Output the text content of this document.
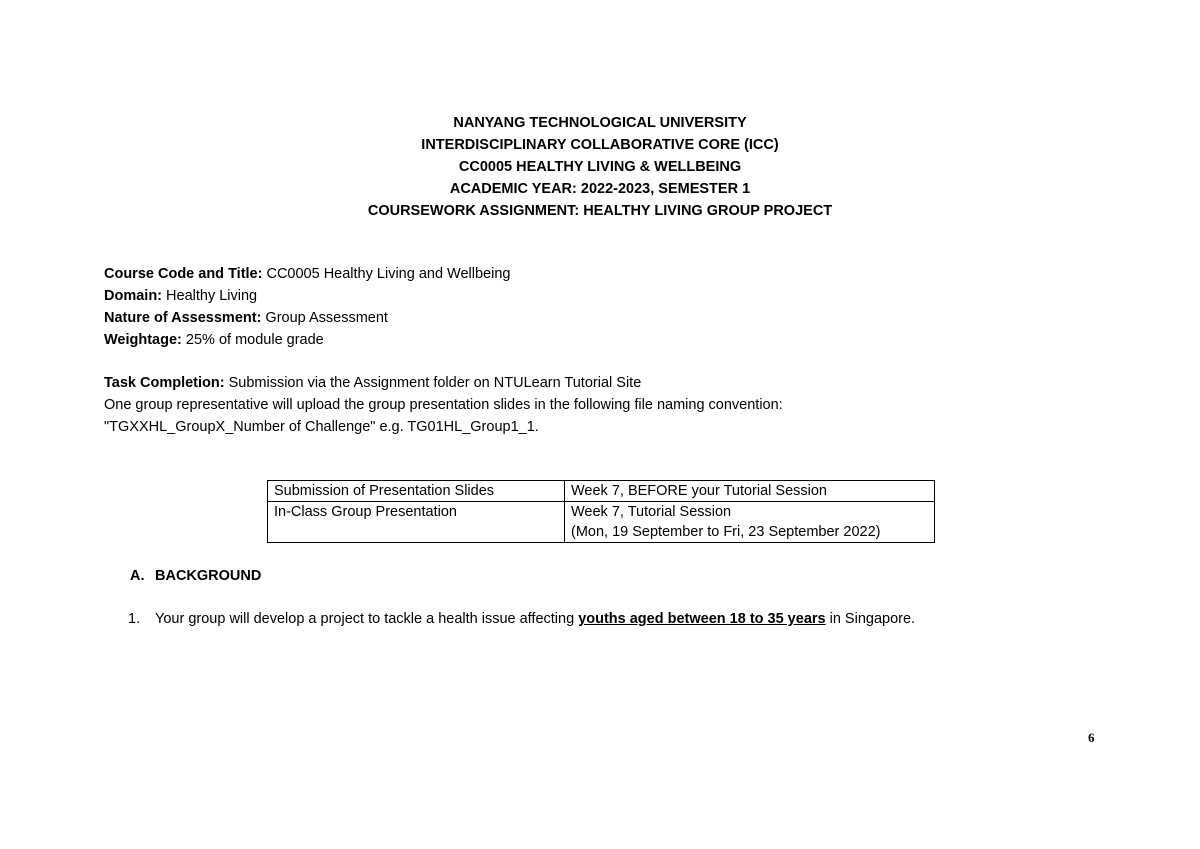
NANYANG TECHNOLOGICAL UNIVERSITY
INTERDISCIPLINARY COLLABORATIVE CORE (ICC)
CC0005 HEALTHY LIVING & WELLBEING
ACADEMIC YEAR: 2022-2023, SEMESTER 1
COURSEWORK ASSIGNMENT: HEALTHY LIVING GROUP PROJECT
Course Code and Title: CC0005 Healthy Living and Wellbeing
Domain: Healthy Living
Nature of Assessment: Group Assessment
Weightage: 25% of module grade
Task Completion: Submission via the Assignment folder on NTULearn Tutorial Site
One group representative will upload the group presentation slides in the following file naming convention:
"TGXXHL_GroupX_Number of Challenge" e.g. TG01HL_Group1_1.
Submission of Presentation Slides	Week 7, BEFORE your Tutorial Session
In-Class Group Presentation	Week 7, Tutorial Session
(Mon, 19 September to Fri, 23 September 2022)
A. BACKGROUND
1. Your group will develop a project to tackle a health issue affecting youths aged between 18 to 35 years in Singapore.
6
